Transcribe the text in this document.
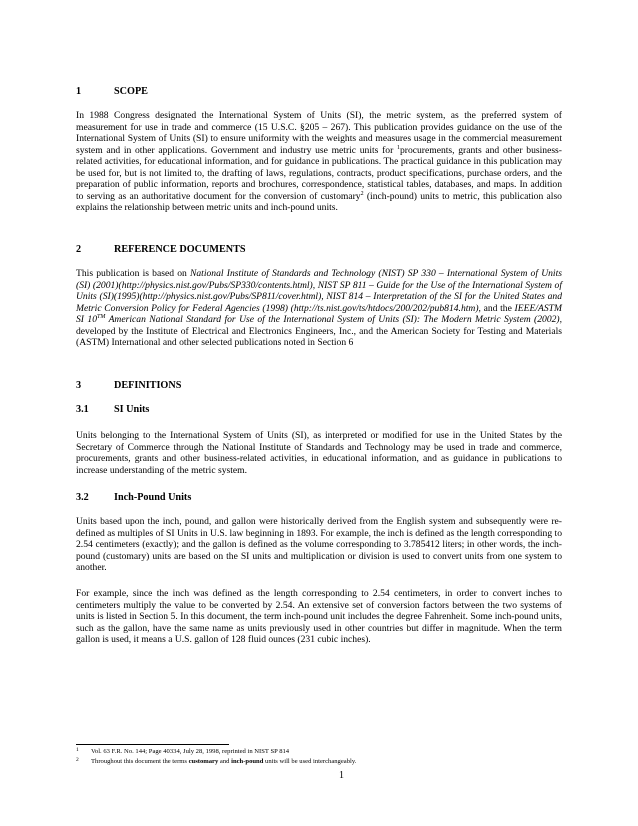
1	SCOPE
In 1988 Congress designated the International System of Units (SI), the metric system, as the preferred system of measurement for use in trade and commerce (15 U.S.C. §205 – 267). This publication provides guidance on the use of the International System of Units (SI) to ensure uniformity with the weights and measures usage in the commercial measurement system and in other applications. Government and industry use metric units for $^1$procurements, grants and other business-related activities, for educational information, and for guidance in publications. The practical guidance in this publication may be used for, but is not limited to, the drafting of laws, regulations, contracts, product specifications, purchase orders, and the preparation of public information, reports and brochures, correspondence, statistical tables, databases, and maps. In addition to serving as an authoritative document for the conversion of customary$^2$ (inch-pound) units to metric, this publication also explains the relationship between metric units and inch-pound units.
2	REFERENCE DOCUMENTS
This publication is based on National Institute of Standards and Technology (NIST) SP 330 – International System of Units (SI) (2001)(http://physics.nist.gov/Pubs/SP330/contents.html), NIST SP 811 – Guide for the Use of the International System of Units (SI)(1995)(http://physics.nist.gov/Pubs/SP811/cover.html), NIST 814 – Interpretation of the SI for the United States and Metric Conversion Policy for Federal Agencies (1998) (http://ts.nist.gov/ts/htdocs/200/202/pub814.htm), and the IEEE/ASTM SI 10™ American National Standard for Use of the International System of Units (SI): The Modern Metric System (2002), developed by the Institute of Electrical and Electronics Engineers, Inc., and the American Society for Testing and Materials (ASTM) International and other selected publications noted in Section 6
3	DEFINITIONS
3.1 SI Units
Units belonging to the International System of Units (SI), as interpreted or modified for use in the United States by the Secretary of Commerce through the National Institute of Standards and Technology may be used in trade and commerce, procurements, grants and other business-related activities, in educational information, and as guidance in publications to increase understanding of the metric system.
3.2 Inch-Pound Units
Units based upon the inch, pound, and gallon were historically derived from the English system and subsequently were re-defined as multiples of SI Units in U.S. law beginning in 1893. For example, the inch is defined as the length corresponding to 2.54 centimeters (exactly); and the gallon is defined as the volume corresponding to 3.785412 liters; in other words, the inch-pound (customary) units are based on the SI units and multiplication or division is used to convert units from one system to another.
For example, since the inch was defined as the length corresponding to 2.54 centimeters, in order to convert inches to centimeters multiply the value to be converted by 2.54. An extensive set of conversion factors between the two systems of units is listed in Section 5. In this document, the term inch-pound unit includes the degree Fahrenheit. Some inch-pound units, such as the gallon, have the same name as units previously used in other countries but differ in magnitude. When the term gallon is used, it means a U.S. gallon of 128 fluid ounces (231 cubic inches).
1 Vol. 63 F.R. No. 144; Page 40334, July 28, 1998, reprinted in NIST SP 814
2 Throughout this document the terms customary and inch-pound units will be used interchangeably.
1
